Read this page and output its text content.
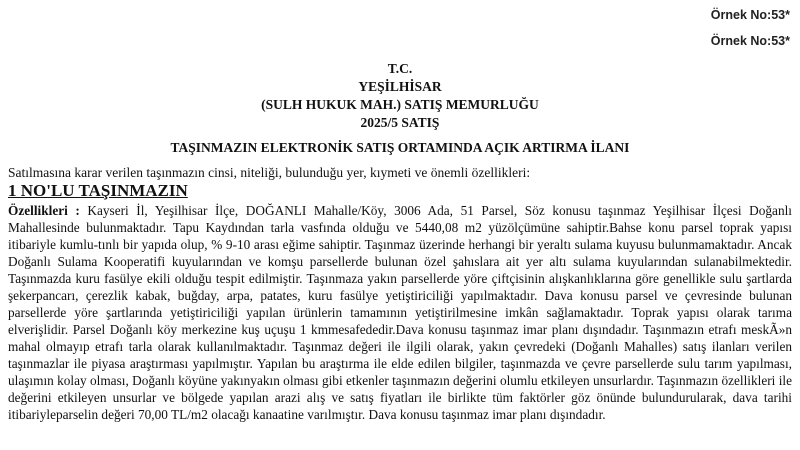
Örnek No:53*
Örnek No:53*
T.C.
YEŞİLHİSAR
(SULH HUKUK MAH.) SATIŞ MEMURLUĞU
2025/5 SATIŞ
TAŞINMAZIN ELEKTRONİK SATIŞ ORTAMINDA AÇIK ARTIRMA İLANI
Satılmasına karar verilen taşınmazın cinsi, niteliği, bulunduğu yer, kıymeti ve önemli özellikleri:
1 NO'LU TAŞINMAZIN
Özellikleri : Kayseri İl, Yeşilhisar İlçe, DOĞANLI Mahalle/Köy, 3006 Ada, 51 Parsel, Söz konusu taşınmaz Yeşilhisar İlçesi Doğanlı Mahallesinde bulunmaktadır. Tapu Kaydından tarla vasfında olduğu ve 5440,08 m2 yüzölçümüne sahiptir.Bahse konu parsel toprak yapısı itibariyle kumlu-tınlı bir yapıda olup, % 9-10 arası eğime sahiptir. Taşınmaz üzerinde herhangi bir yeraltı sulama kuyusu bulunmamaktadır. Ancak Doğanlı Sulama Kooperatifi kuyularından ve komşu parsellerde bulunan özel şahıslara ait yer altı sulama kuyularından sulanabilmektedir. Taşınmazda kuru fasülye ekili olduğu tespit edilmiştir. Taşınmaza yakın parsellerde yöre çiftçisinin alışkanlıklarına göre genellikle sulu şartlarda şekerpancarı, çerezlik kabak, buğday, arpa, patates, kuru fasülye yetiştiriciliği yapılmaktadır. Dava konusu parsel ve çevresinde bulunan parsellerde yöre şartlarında yetiştiriciliği yapılan ürünlerin tamamının yetiştirilmesine imkân sağlamaktadır. Toprak yapısı olarak tarıma elverişlidir. Parsel Doğanlı köy merkezine kuş uçuşu 1 kmmesafededir.Dava konusu taşınmaz imar planı dışındadır. Taşınmazın etrafı meskÃ»n mahal olmayıp etrafı tarla olarak kullanılmaktadır. Taşınmaz değeri ile ilgili olarak, yakın çevredeki (Doğanlı Mahalles) satış ilanları verilen taşınmazlar ile piyasa araştırması yapılmıştır. Yapılan bu araştırma ile elde edilen bilgiler, taşınmazda ve çevre parsellerde sulu tarım yapılması, ulaşımın kolay olması, Doğanlı köyüne yakınyakın olması gibi etkenler taşınmazın değerini olumlu etkileyen unsurlardır. Taşınmazın özellikleri ile değerini etkileyen unsurlar ve bölgede yapılan arazi alış ve satış fiyatları ile birlikte tüm faktörler göz önünde bulundurularak, dava tarihi itibariyleparselin değeri 70,00 TL/m2 olacağı kanaatine varılmıştır. Dava konusu taşınmaz imar planı dışındadır.
